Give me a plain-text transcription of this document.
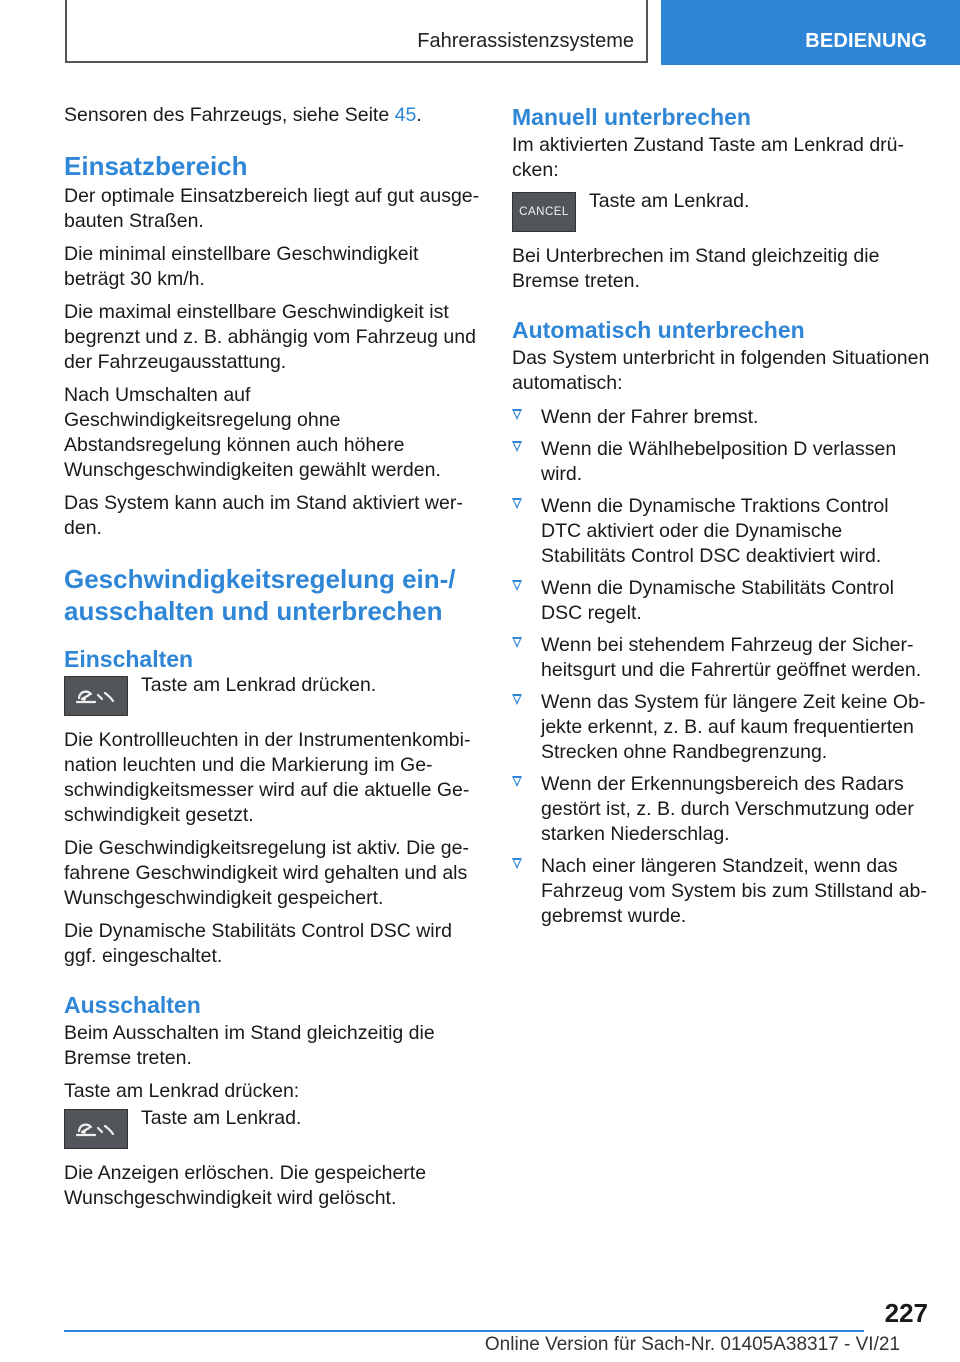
Fahrerassistenzsysteme	BEDIENUNG

Sensoren des Fahrzeugs, siehe Seite 45.

Einsatzbereich

Der optimale Einsatzbereich liegt auf gut ausgebauten Straßen.

Die minimal einstellbare Geschwindigkeit beträgt 30 km/h.

Die maximal einstellbare Geschwindigkeit ist begrenzt und z. B. abhängig vom Fahrzeug und der Fahrzeugausstattung.

Nach Umschalten auf Geschwindigkeitsregelung ohne Abstandsregelung können auch höhere Wunschgeschwindigkeiten gewählt werden.

Das System kann auch im Stand aktiviert werden.

Geschwindigkeitsregelung ein-/ ausschalten und unterbrechen
Einschalten

Taste am Lenkrad drücken.

Die Kontrollleuchten in der Instrumentenkombination leuchten und die Markierung im Geschwindigkeitsmesser wird auf die aktuelle Geschwindigkeit gesetzt.

Die Geschwindigkeitsregelung ist aktiv. Die gefahrene Geschwindigkeit wird gehalten und als Wunschgeschwindigkeit gespeichert.

Die Dynamische Stabilitäts Control DSC wird ggf. eingeschaltet.

Ausschalten

Beim Ausschalten im Stand gleichzeitig die Bremse treten.

Taste am Lenkrad drücken:

Taste am Lenkrad.

Die Anzeigen erlöschen. Die gespeicherte Wunschgeschwindigkeit wird gelöscht.

Manuell unterbrechen

Im aktivierten Zustand Taste am Lenkrad drücken:

CANCEL	Taste am Lenkrad.

Bei Unterbrechen im Stand gleichzeitig die Bremse treten.

Automatisch unterbrechen

Das System unterbricht in folgenden Situationen automatisch:

Wenn der Fahrer bremst.
Wenn die Wählhebelposition D verlassen wird.
Wenn die Dynamische Traktions Control DTC aktiviert oder die Dynamische Stabilitäts Control DSC deaktiviert wird.
Wenn die Dynamische Stabilitäts Control DSC regelt.
Wenn bei stehendem Fahrzeug der Sicherheitsgurt und die Fahrertür geöffnet werden.
Wenn das System für längere Zeit keine Objekte erkennt, z. B. auf kaum frequentierten Strecken ohne Randbegrenzung.
Wenn der Erkennungsbereich des Radars gestört ist, z. B. durch Verschmutzung oder starken Niederschlag.
Nach einer längeren Standzeit, wenn das Fahrzeug vom System bis zum Stillstand abgebremst wurde.
227
Online Version für Sach-Nr. 01405A38317 - VI/21
